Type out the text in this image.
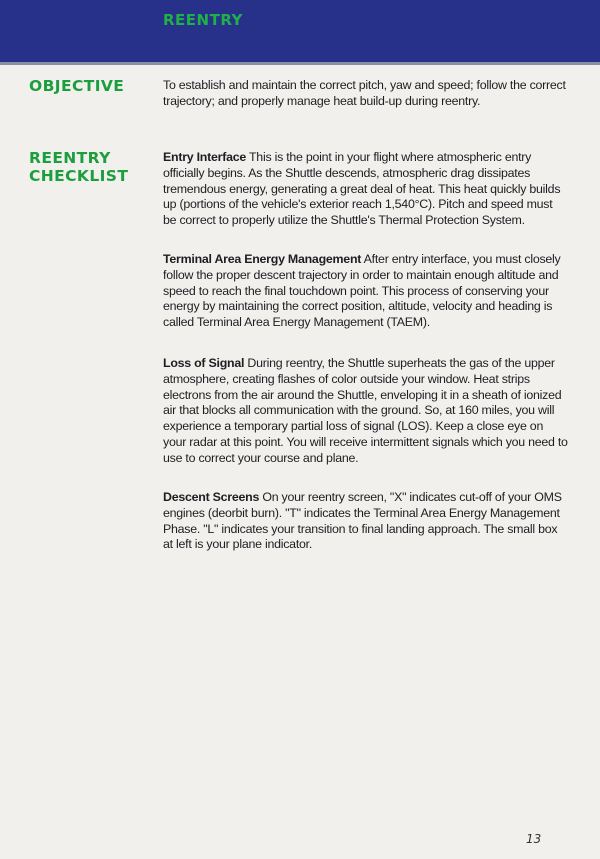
REENTRY
OBJECTIVE	To establish and maintain the correct pitch, yaw and speed; follow the correct trajectory; and properly manage heat build-up during reentry.

REENTRY
CHECKLIST

Entry Interface This is the point in your flight where atmospheric entry officially begins. As the Shuttle descends, atmospheric drag dissipates tremendous energy, generating a great deal of heat. This heat quickly builds up (portions of the vehicle's exterior reach 1,540°C). Pitch and speed must be correct to properly utilize the Shuttle's Thermal Protection System.

Terminal Area Energy Management After entry interface, you must closely follow the proper descent trajectory in order to maintain enough altitude and speed to reach the final touchdown point. This process of conserving your energy by maintaining the correct position, altitude, velocity and heading is called Terminal Area Energy Management (TAEM).

Loss of Signal During reentry, the Shuttle superheats the gas of the upper atmosphere, creating flashes of color outside your window. Heat strips electrons from the air around the Shuttle, enveloping it in a sheath of ionized air that blocks all communication with the ground. So, at 160 miles, you will experience a temporary partial loss of signal (LOS). Keep a close eye on your radar at this point. You will receive intermittent signals which you need to use to correct your course and plane.

Descent Screens On your reentry screen, "X" indicates cut-off of your OMS engines (deorbit burn). "T" indicates the Terminal Area Energy Management Phase. "L" indicates your transition to final landing approach. The small box at left is your plane indicator.

13
